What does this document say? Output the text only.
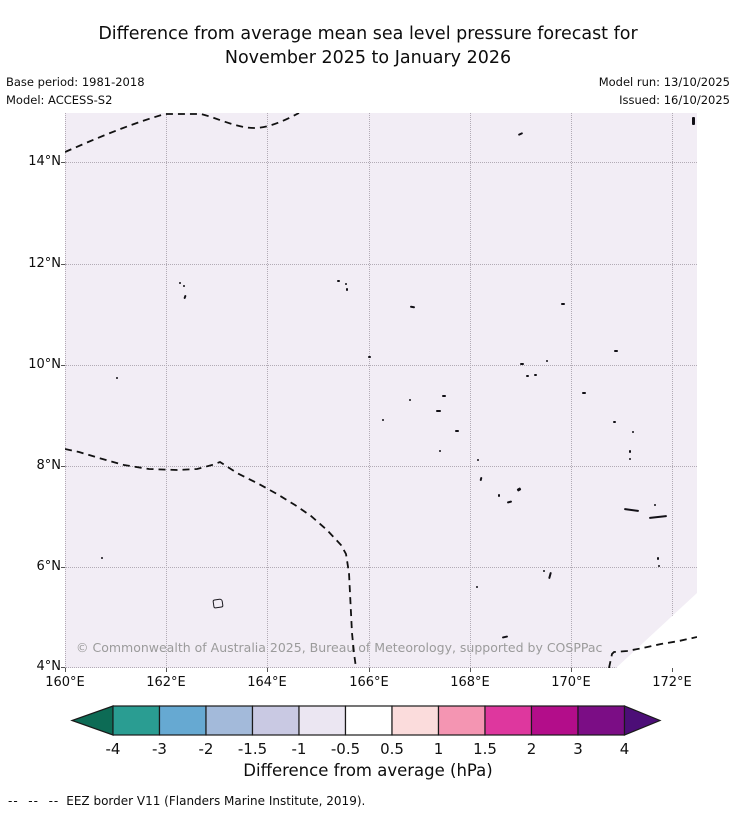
Difference from average mean sea level pressure forecast for
November 2025 to January 2026
Base period: 1981-2018
Model: ACCESS-S2
Model run: 13/10/2025
Issued: 16/10/2025
© Commonwealth of Australia 2025, Bureau of Meteorology, supported by COSPPac
160°E	162°E	164°E	166°E	168°E	170°E	172°E
14°N
12°N
10°N
8°N
6°N
4°N
-4 -3 -2 -1.5 -1 -0.5 0.5 1 1.5 2 3 4
Difference from average (hPa)
--  --  -- EEZ border V11 (Flanders Marine Institute, 2019).
